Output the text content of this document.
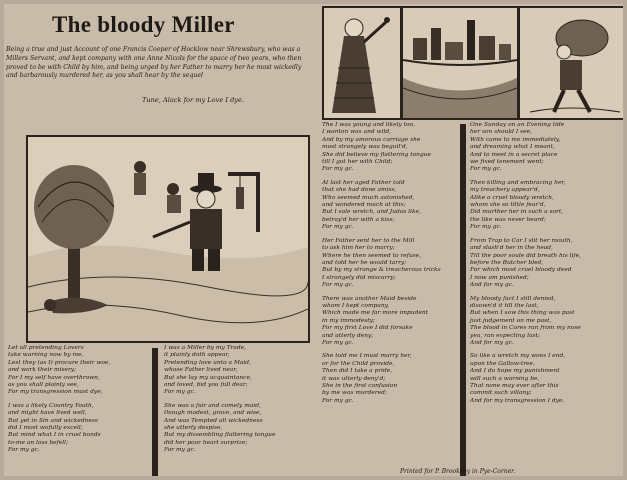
The bloody Miller
Being a true and just Account of one Francis Cooper of Hocklow near Shrewsbury, who was a Millers Servant, and kept company with one Anne Nicols for the space of two years, who then proved to be with Child by him, and being urged by her Father to marry her he most wickedly and barbarously murdered her, as you shall hear by the sequel
Tune, Alack for my Love I dye.
Let all pretending Lovers
take warning now by me,
Lest they (as I) procure their woe,
and work their misery;
For I my self have overthrown,
as you shall plainly see,
For my transgression must dye,
I was a likely Country Youth,
and might have lived well,
But yet in Sin and wickedness
did I most wofully excell;
But mind what I in cruel bonds
to-me an loss befell;
For my gc.
I was a Miller by my Trade,
it plainly doth appear,
Pretending love unto a Maid,
whose Father lived near,
But she lay my acquaintance,
and loved, bid you full dear;
For my gc.
She was a fair and comely maid,
though modest, grave, and wise,
And was Tempted all wickedness
she utterly despise,
But my dissembling flattering tongue
did her poor heart surprize;
For my gc.
The I was young and likely too,
I wanton was and wild,
And by my amorous carriage she
most strangely was beguil'd,
She did believe my flattering tongue
till I got her with Child;
For my gc.
At last her aged Father told
that she had done amiss,
Who seemed much astonished,
and wondered much at this;
But I sale wretch, and Judas like,
betray'd her with a kiss;
For my gc.
Her Father sent her to the Mill
to ask him her to marry;
Where he then seemed to refuse,
and told her he would tarry;
But by my strange & treacherous tricks
I strangely did miscarry;
For my gc.
There was another Maid beside
whom I kept company,
Which made me far more impudent
in my immodesty;
For my first Love I did forsake
and utterly deny;
For my gc.
She told me I must marry her,
or for the Child provide,
Then did I take a pride,
it was utterly deny'd;
She in the first confusion
by me was murdered;
For my gc.
One Sunday on an Evening tide
her son should I see,
With came to me immediately,
and dreaming what I meant,
And to meet in a secret place
we fixed tenement went;
For my gc.
Then killing and embracing her,
my treachery appear'd,
Alike a cruel bloody wretch,
whom she so little fear'd,
Did murther her in such a sort,
the like was never heard;
For my gc.
From Trap to Car I slit her mouth,
and slash'd her in the head,
Till the poor soule did breath his life,
before the Butcher bled,
For which most cruel bloody deed
I now am punished;
And for my gc.
My bloody fact I still denied,
disown'd it till the last,
But when I saw this thing was past
just judgement on me past,
The blood in Cores ran from my nose
yea, ran expecting last;
And for my gc.
So like a wretch my woes I end,
upon the Gallow-tree,
And I do hope my punishment
will such a warning be,
That none may ever after this
commit such villany;
And for my transgression I dye.
Printed for P. Brooksby in Pye-Corner.
